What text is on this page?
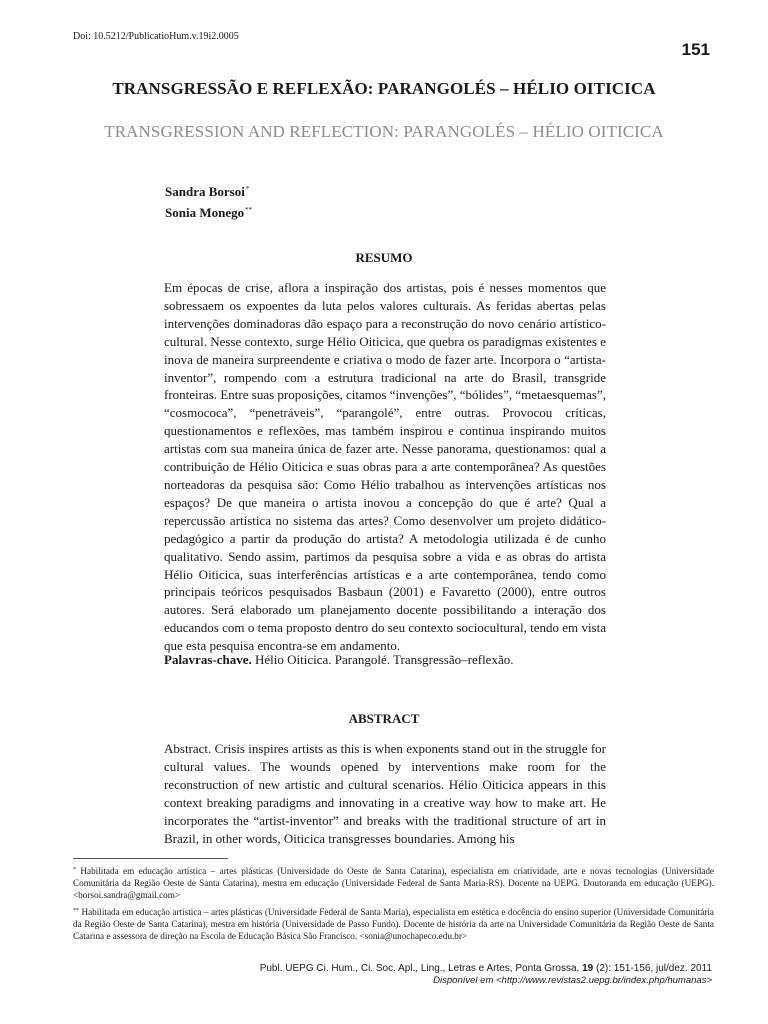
Doi: 10.5212/PublicatioHum.v.19i2.0005
151
TRANSGRESSÃO E REFLEXÃO: PARANGOLÉS – HÉLIO OITICICA
TRANSGRESSION AND REFLECTION: PARANGOLÉS – HÉLIO OITICICA
Sandra Borsoi*
Sonia Monego**
RESUMO

Em épocas de crise, aflora a inspiração dos artistas, pois é nesses momentos que sobressaem os expoentes da luta pelos valores culturais. As feridas abertas pelas intervenções dominadoras dão espaço para a reconstrução do novo cenário artístico-cultural. Nesse contexto, surge Hélio Oiticica, que quebra os paradigmas existentes e inova de maneira surpreendente e criativa o modo de fazer arte. Incorpora o “artista-inventor”, rompendo com a estrutura tradicional na arte do Brasil, transgride fronteiras. Entre suas proposições, citamos “invenções”, “bólides”, “metaesquemas”, “cosmococa”, “penetráveis”, “parangolé”, entre outras. Provocou críticas, questionamentos e reflexões, mas também inspirou e continua inspirando muitos artistas com sua maneira única de fazer arte. Nesse panorama, questionamos: qual a contribuição de Hélio Oiticica e suas obras para a arte contemporânea? As questões norteadoras da pesquisa são: Como Hélio trabalhou as intervenções artísticas nos espaços? De que maneira o artista inovou a concepção do que é arte? Qual a repercussão artística no sistema das artes? Como desenvolver um projeto didático-pedagógico a partir da produção do artista? A metodologia utilizada é de cunho qualitativo. Sendo assim, partimos da pesquisa sobre a vida e as obras do artista Hélio Oiticica, suas interferências artísticas e a arte contemporânea, tendo como principais teóricos pesquisados Basbaun (2001) e Favaretto (2000), entre outros autores. Será elaborado um planejamento docente possibilitando a interação dos educandos com o tema proposto dentro do seu contexto sociocultural, tendo em vista que esta pesquisa encontra-se em andamento.

Palavras-chave. Hélio Oiticica. Parangolé. Transgressão–reflexão.

ABSTRACT

Abstract. Crisis inspires artists as this is when exponents stand out in the struggle for cultural values. The wounds opened by interventions make room for the reconstruction of new artistic and cultural scenarios. Hélio Oiticica appears in this context breaking paradigms and innovating in a creative way how to make art. He incorporates the “artist-inventor” and breaks with the traditional structure of art in Brazil, in other words, Oiticica transgresses boundaries. Among his

* Habilitada em educação artística – artes plásticas (Universidade do Oeste de Santa Catarina), especialista em criatividade, arte e novas tecnologias (Universidade Comunitária da Região Oeste de Santa Catarina), mestra em educação (Universidade Federal de Santa Maria-RS). Docente na UEPG. Doutoranda em educação (UEPG). <borsoi.sandra@gmail.com>

** Habilitada em educação artística – artes plásticas (Universidade Federal de Santa Maria), especialista em estética e docência do ensino superior (Universidade Comunitária da Região Oeste de Santa Catarina), mestra em história (Universidade de Passo Fundo). Docente de história da arte na Universidade Comunitária da Região Oeste de Santa Catarina e assessora de direção na Escola de Educação Básica São Francisco. <sonia@unochapeco.edu.br>

Publ. UEPG Ci. Hum., Ci. Soc. Apl., Ling., Letras e Artes, Ponta Grossa, 19 (2): 151-156, jul/dez. 2011
Disponível em <http://www.revistas2.uepg.br/index.php/humanas>
